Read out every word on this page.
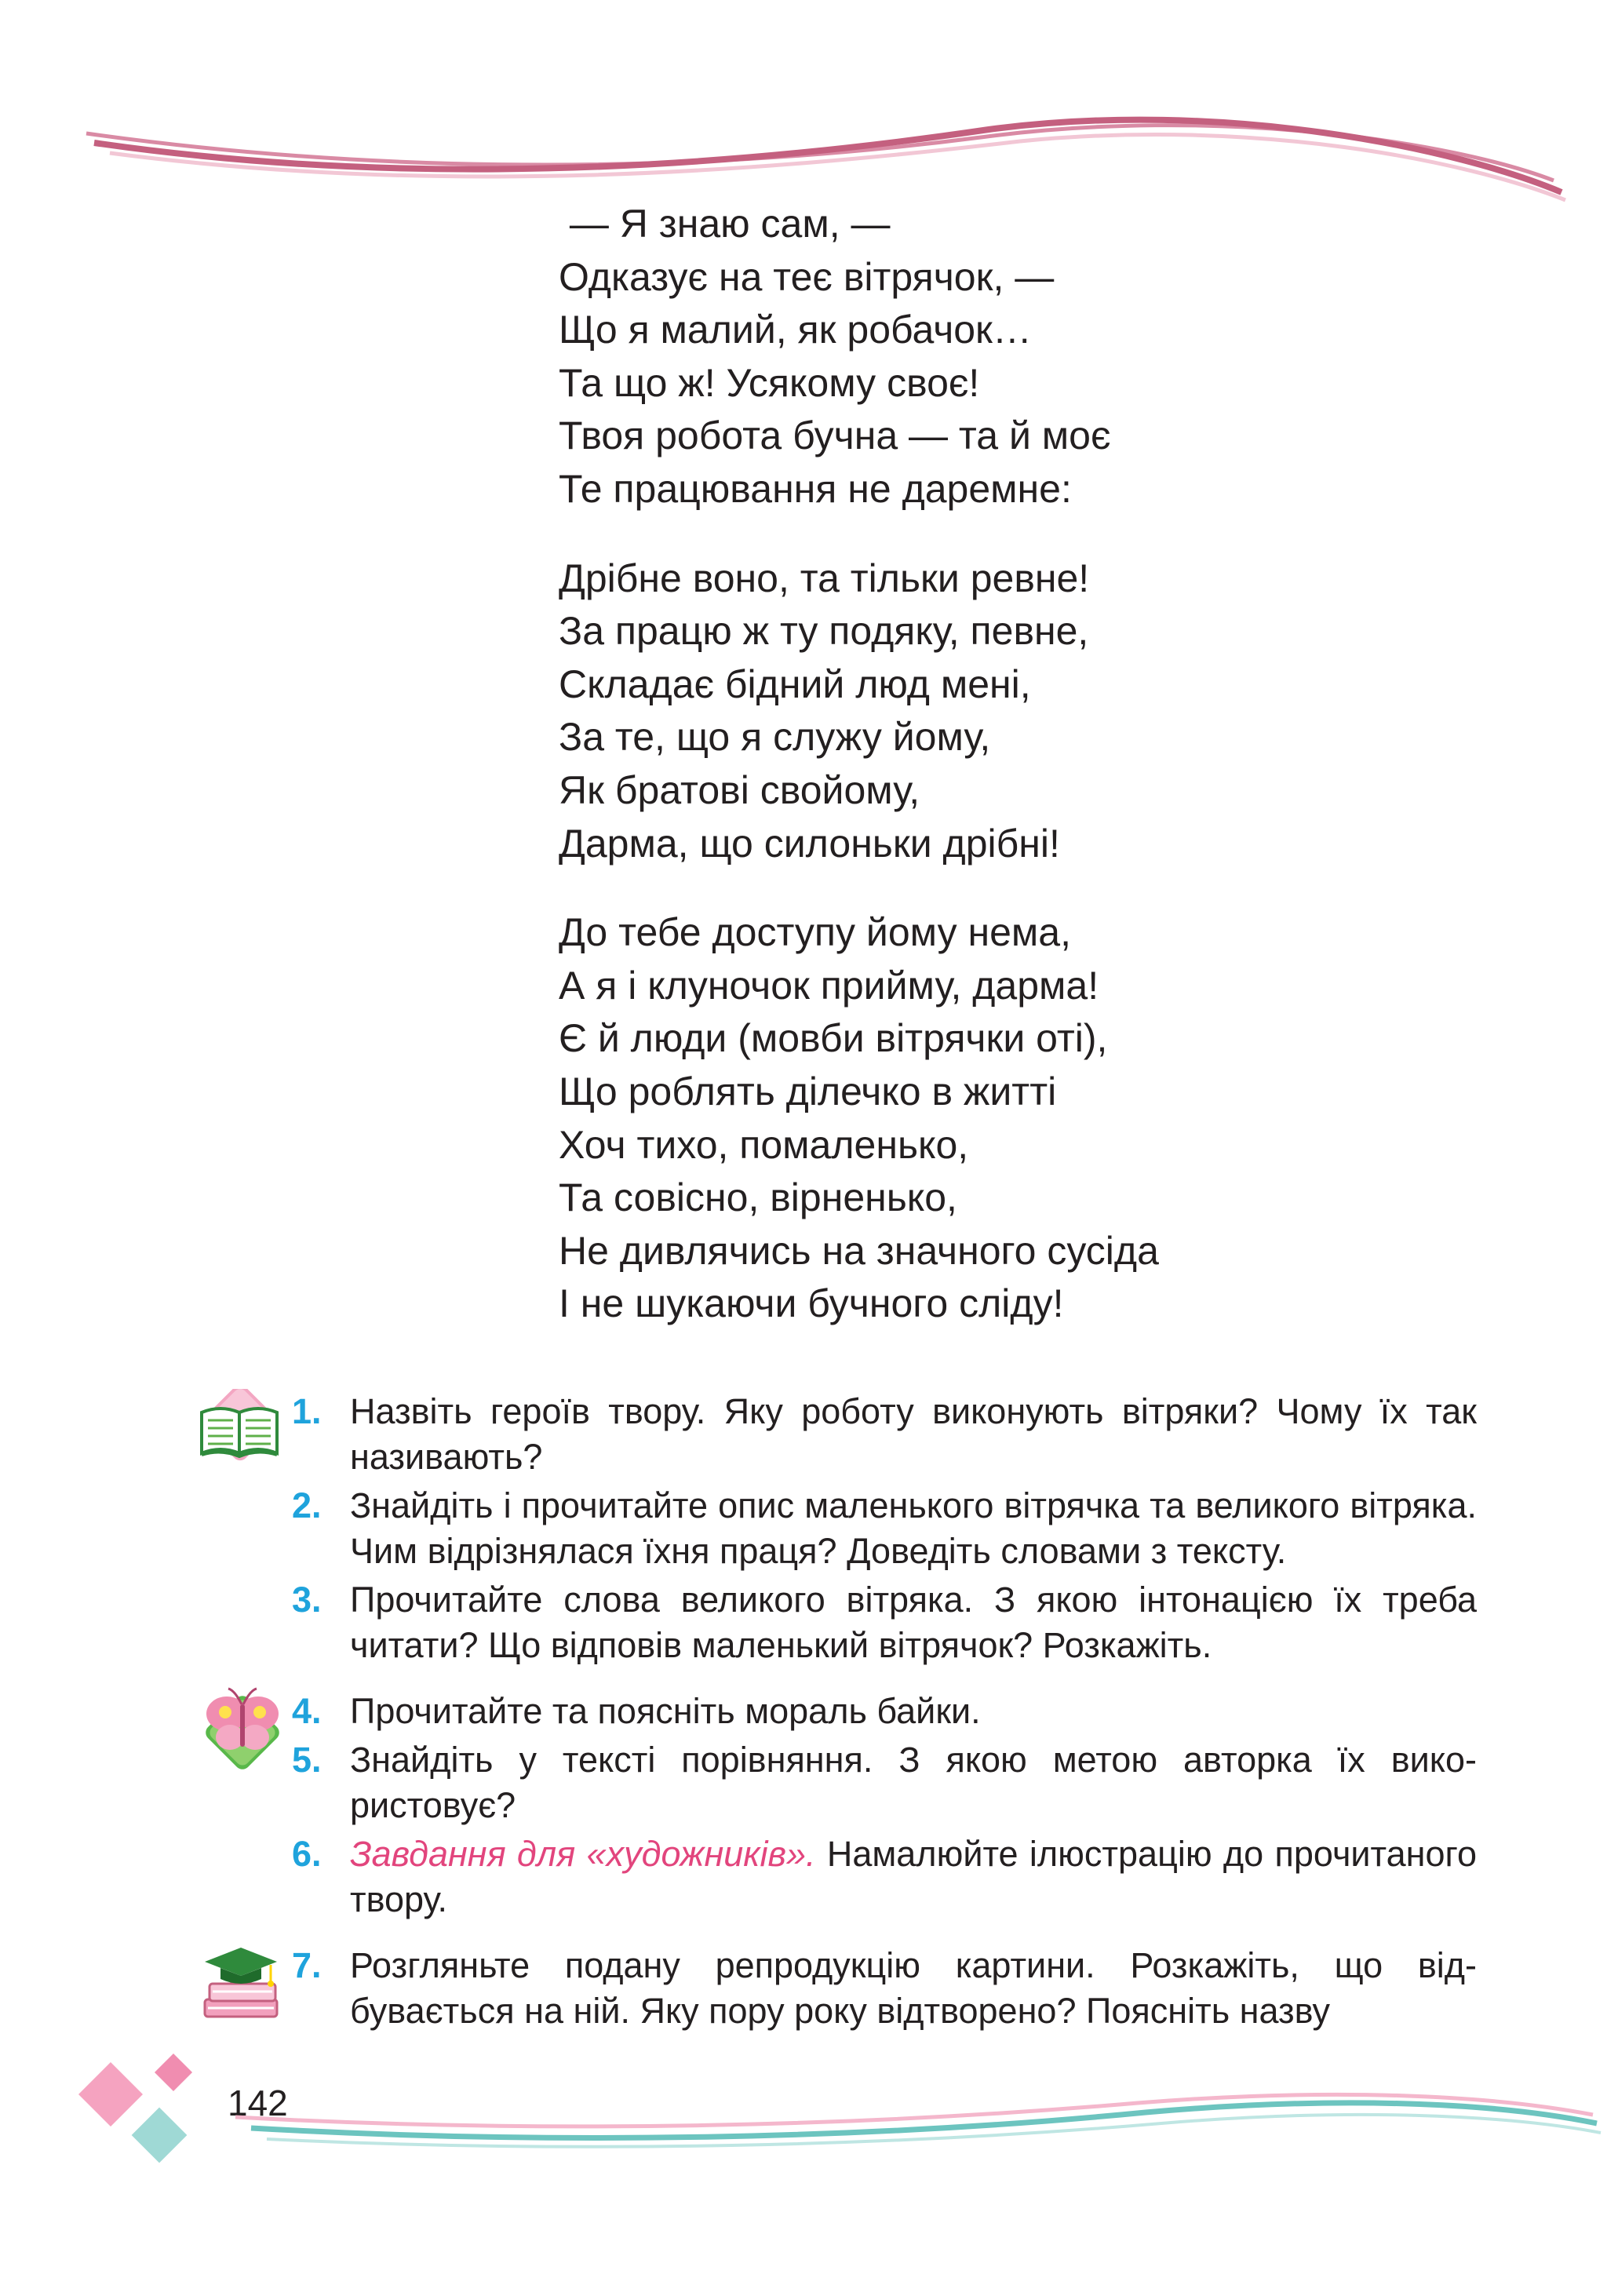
— Я знаю сам, —
Одказує на теє вітрячок, —
Що я малий, як робачок…
Та що ж! Усякому своє!
Твоя робота бучна — та й моє
Те працювання не даремне:
Дрібне воно, та тільки ревне!
За працю ж ту подяку, певне,
Складає бідний люд мені,
За те, що я служу йому,
Як братові свойому,
Дарма, що силоньки дрібні!
До тебе доступу йому нема,
А я і клуночок прийму, дарма!
Є й люди (мовби вітрячки оті),
Що роблять ділечко в житті
Хоч тихо, помаленько,
Та совісно, вірненько,
Не дивлячись на значного сусіда
І не шукаючи бучного сліду!
1. Назвіть героїв твору. Яку роботу виконують вітряки? Чому їх так називають?
2. Знайдіть і прочитайте опис маленького вітрячка та великого вітряка. Чим відрізнялася їхня праця? Доведіть словами з тексту.
3. Прочитайте слова великого вітряка. З якою інтонацією їх треба читати? Що відповів маленький вітрячок? Розкажіть.
4. Прочитайте та поясніть мораль байки.
5. Знайдіть у тексті порівняння. З якою метою авторка їх використовує?
6. Завдання для «художників». Намалюйте ілюстрацію до прочитаного твору.
7. Розгляньте подану репродукцію картини. Розкажіть, що відбувається на ній. Яку пору року відтворено? Поясніть назву
142
